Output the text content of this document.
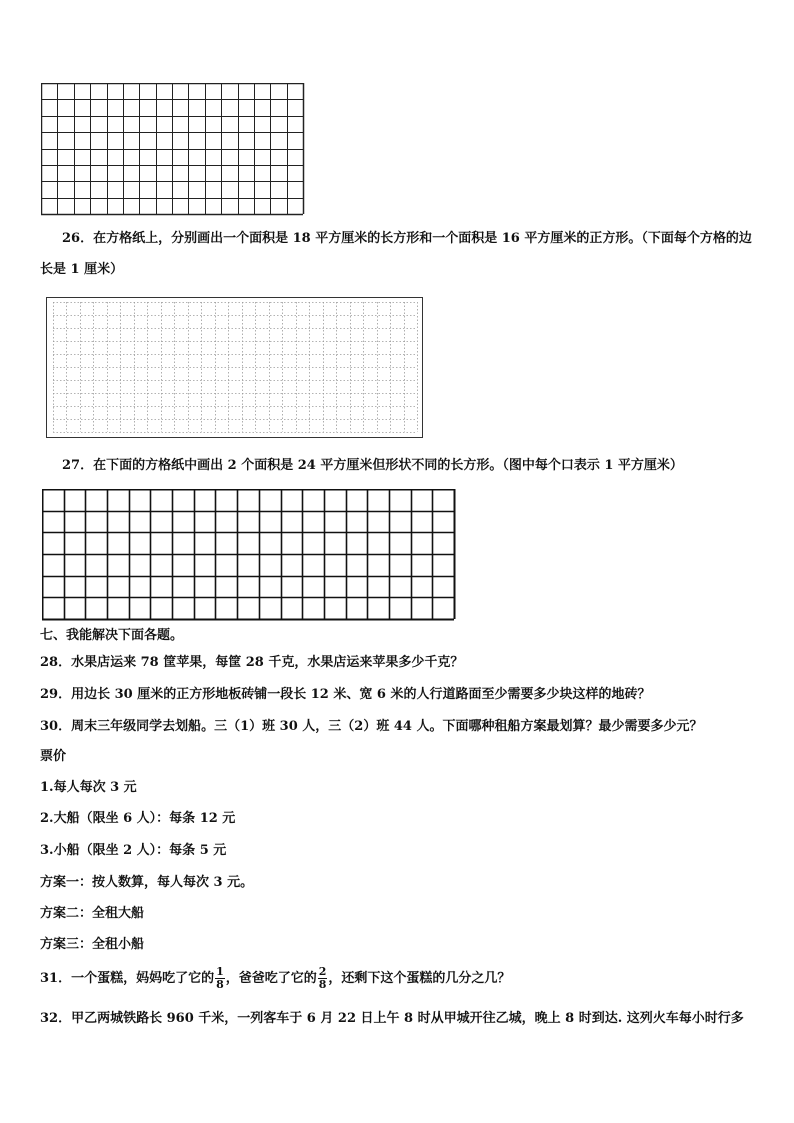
26．在方格纸上，分别画出一个面积是 18 平方厘米的长方形和一个面积是 16 平方厘米的正方形。（下面每个方格的边

长是 1 厘米）

27．在下面的方格纸中画出 2 个面积是 24 平方厘米但形状不同的长方形。（图中每个口表示 1 平方厘米）

七、我能解决下面各题。

28．水果店运来 78 筐苹果，每筐 28 千克，水果店运来苹果多少千克？

29．用边长 30 厘米的正方形地板砖铺一段长 12 米、宽 6 米的人行道路面至少需要多少块这样的地砖？

30．周末三年级同学去划船。三（1）班 30 人，三（2）班 44 人。下面哪种租船方案最划算？最少需要多少元？

票价

1.每人每次 3 元

2.大船（限坐 6 人）：每条 12 元

3.小船（限坐 2 人）：每条 5 元

方案一：按人数算，每人每次 3 元。

方案二：全租大船

方案三：全租小船

31．一个蛋糕，妈妈吃了它的 $\frac{1}{8}$ ，爸爸吃了它的 $\frac{2}{8}$ ，还剩下这个蛋糕的几分之几？

32．甲乙两城铁路长 960 千米，一列客车于 6 月 22 日上午 8 时从甲城开往乙城，晚上 8 时到达. 这列火车每小时行多
